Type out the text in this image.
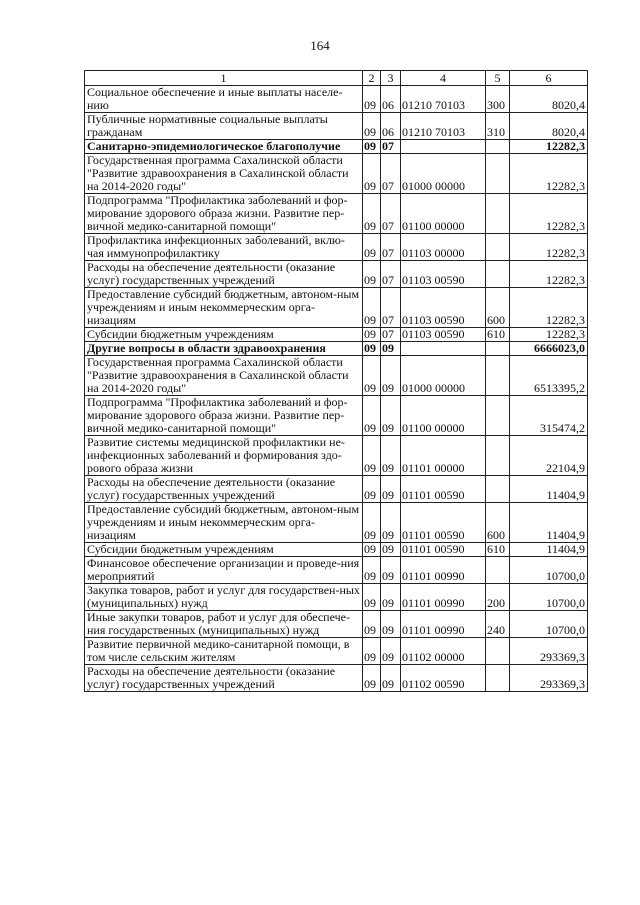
164
1	2	3	4	5	6
Социальное обеспечение и иные выплаты населе-нию	09	06	01210 70103	300	8020,4
Публичные нормативные социальные выплаты гражданам	09	06	01210 70103	310	8020,4
Санитарно-эпидемиологическое благополучие	09	07			12282,3
Государственная программа Сахалинской области "Развитие здравоохранения в Сахалинской области на 2014-2020 годы"	09	07	01000 00000		12282,3
Подпрограмма "Профилактика заболеваний и фор-мирование здорового образа жизни. Развитие пер-вичной медико-санитарной помощи"	09	07	01100 00000		12282,3
Профилактика инфекционных заболеваний, вклю-чая иммунопрофилактику	09	07	01103 00000		12282,3
Расходы на обеспечение деятельности (оказание услуг) государственных учреждений	09	07	01103 00590		12282,3
Предоставление субсидий бюджетным, автоном-ным учреждениям и иным некоммерческим орга-низациям	09	07	01103 00590	600	12282,3
Субсидии бюджетным учреждениям	09	07	01103 00590	610	12282,3
Другие вопросы в области здравоохранения	09	09			6666023,0
Государственная программа Сахалинской области "Развитие здравоохранения в Сахалинской области на 2014-2020 годы"	09	09	01000 00000		6513395,2
Подпрограмма "Профилактика заболеваний и фор-мирование здорового образа жизни. Развитие пер-вичной медико-санитарной помощи"	09	09	01100 00000		315474,2
Развитие системы медицинской профилактики не-инфекционных заболеваний и формирования здо-рового образа жизни	09	09	01101 00000		22104,9
Расходы на обеспечение деятельности (оказание услуг) государственных учреждений	09	09	01101 00590		11404,9
Предоставление субсидий бюджетным, автоном-ным учреждениям и иным некоммерческим орга-низациям	09	09	01101 00590	600	11404,9
Субсидии бюджетным учреждениям	09	09	01101 00590	610	11404,9
Финансовое обеспечение организации и проведе-ния мероприятий	09	09	01101 00990		10700,0
Закупка товаров, работ и услуг для государствен-ных (муниципальных) нужд	09	09	01101 00990	200	10700,0
Иные закупки товаров, работ и услуг для обеспече-ния государственных (муниципальных) нужд	09	09	01101 00990	240	10700,0
Развитие первичной медико-санитарной помощи, в том числе сельским жителям	09	09	01102 00000		293369,3
Расходы на обеспечение деятельности (оказание услуг) государственных учреждений	09	09	01102 00590		293369,3
